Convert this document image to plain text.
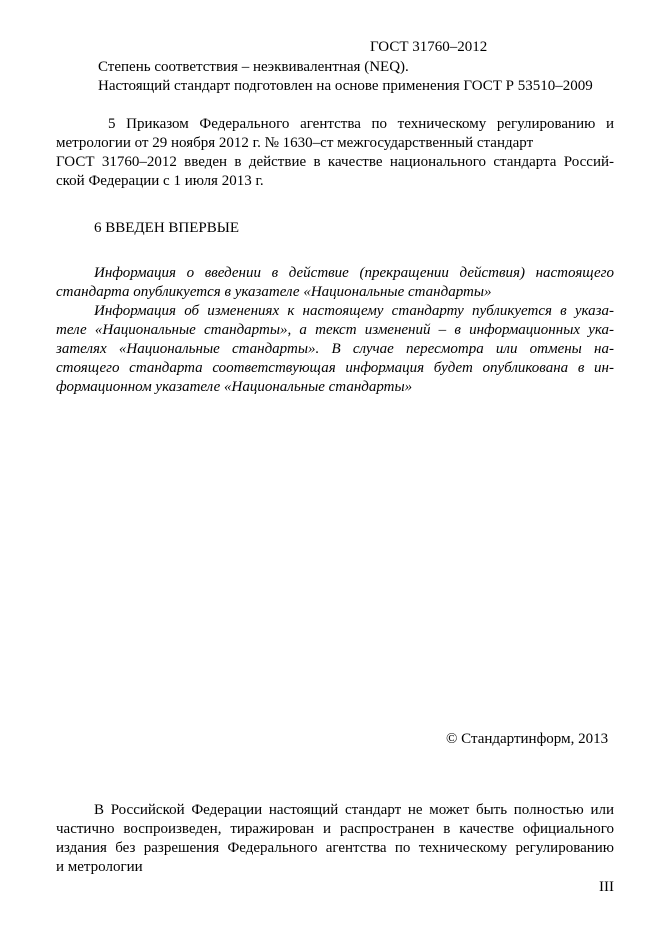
ГОСТ 31760–2012
Степень соответствия – неэквивалентная (NEQ).
Настоящий стандарт подготовлен на основе применения ГОСТ Р 53510–2009
5 Приказом Федерального агентства по техническому регулированию и
метрологии от 29 ноября 2012 г. № 1630–ст межгосударственный стандарт
ГОСТ 31760–2012 введен в действие в качестве национального стандарта Россий-
ской Федерации с 1 июля 2013 г.
6 ВВЕДЕН ВПЕРВЫЕ
Информация о введении в действие (прекращении действия) настоящего
стандарта опубликуется в указателе «Национальные стандарты»
Информация об изменениях к настоящему стандарту публикуется в указа-
теле «Национальные стандарты», а текст изменений – в информационных ука-
зателях «Национальные стандарты». В случае пересмотра или отмены на-
стоящего стандарта соответствующая информация будет опубликована в ин-
формационном указателе «Национальные стандарты»
© Стандартинформ, 2013
В Российской Федерации настоящий стандарт не может быть полностью или
частично воспроизведен, тиражирован и распространен в качестве официального
издания без разрешения Федерального агентства по техническому регулированию
и метрологии
III
